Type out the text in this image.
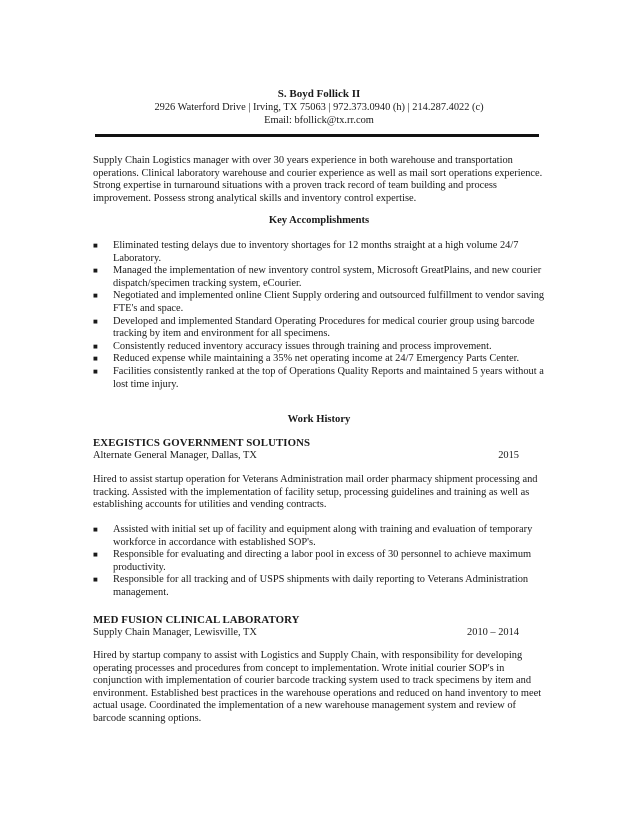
S. Boyd Follick II
2926 Waterford Drive | Irving, TX 75063 | 972.373.0940 (h) | 214.287.4022 (c)
Email: bfollick@tx.rr.com

Supply Chain Logistics manager with over 30 years experience in both warehouse and transportation operations. Clinical laboratory warehouse and courier experience as well as mail sort operations experience. Strong expertise in turnaround situations with a proven track record of team building and process improvement. Possess strong analytical skills and inventory control expertise.

Key Accomplishments
■ Eliminated testing delays due to inventory shortages for 12 months straight at a high volume 24/7 Laboratory.
■ Managed the implementation of new inventory control system, Microsoft GreatPlains, and new courier dispatch/specimen tracking system, eCourier.
■ Negotiated and implemented online Client Supply ordering and outsourced fulfillment to vendor saving FTE's and space.
■ Developed and implemented Standard Operating Procedures for medical courier group using barcode tracking by item and environment for all specimens.
■ Consistently reduced inventory accuracy issues through training and process improvement.
■ Reduced expense while maintaining a 35% net operating income at 24/7 Emergency Parts Center.
■ Facilities consistently ranked at the top of Operations Quality Reports and maintained 5 years without a lost time injury.
Work History
EXEGISTICS GOVERNMENT SOLUTIONS
Alternate General Manager, Dallas, TX	2015

Hired to assist startup operation for Veterans Administration mail order pharmacy shipment processing and tracking. Assisted with the implementation of facility setup, processing guidelines and training as well as establishing accounts for utilities and vending contracts.

■ Assisted with initial set up of facility and equipment along with training and evaluation of temporary workforce in accordance with established SOP's.
■ Responsible for evaluating and directing a labor pool in excess of 30 personnel to achieve maximum productivity.
■ Responsible for all tracking and of USPS shipments with daily reporting to Veterans Administration management.
MED FUSION CLINICAL LABORATORY
Supply Chain Manager, Lewisville, TX	2010 – 2014

Hired by startup company to assist with Logistics and Supply Chain, with responsibility for developing operating processes and procedures from concept to implementation. Wrote initial courier SOP's in conjunction with implementation of courier barcode tracking system used to track specimens by item and environment. Established best practices in the warehouse operations and reduced on hand inventory to meet actual usage. Coordinated the implementation of a new warehouse management system and review of barcode scanning options.
